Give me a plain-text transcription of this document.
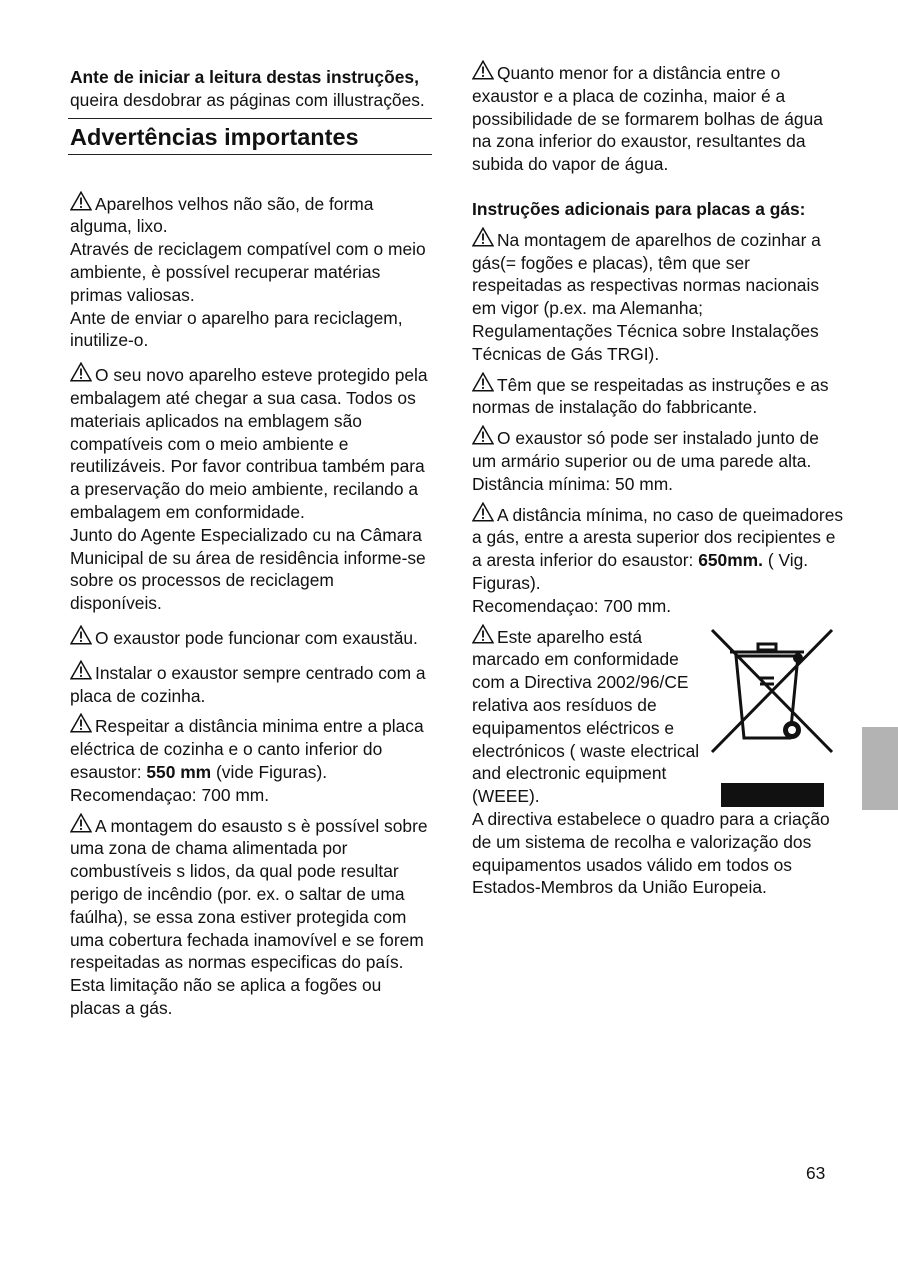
Ante de iniciar a leitura destas instruções, queira desdobrar as páginas com illustrações.

Advertências importantes

Aparelhos velhos não são, de forma alguma, lixo.

Através de reciclagem compatível com o meio ambiente, è possível recuperar matérias primas valiosas.

Ante de enviar o aparelho para reciclagem, inutilize-o.

O seu novo aparelho esteve protegido pela embalagem até chegar a sua casa. Todos os materiais aplicados na emblagem são compatíveis com o meio ambiente e reutilizáveis. Por favor contribua também para a preservação do meio ambiente, recilando a embalagem em conformidade.

Junto do Agente Especializado cu na Câmara Municipal de su área de residência informe-se sobre os processos de reciclagem disponíveis.

O exaustor pode funcionar com exaustău.

Instalar o exaustor sempre centrado com a placa de cozinha.

Respeitar a distância minima entre a placa eléctrica de cozinha e o canto inferior do esaustor: 550 mm (vide Figuras).

Recomendaçao: 700 mm.

A montagem do esausto s è possível sobre uma zona de chama alimentada por combustíveis s lidos, da qual pode resultar perigo de incêndio (por. ex. o saltar de uma faúlha), se essa zona estiver protegida com uma cobertura fechada inamovível e se forem respeitadas as normas especificas do país. Esta limitação não se aplica a fogões ou placas a gás.

Quanto menor for a distância entre o exaustor e a placa de cozinha, maior é a possibilidade de se formarem bolhas de água na zona inferior do exaustor, resultantes da subida do vapor de água.

Instruções adicionais para placas a gás:

Na montagem de aparelhos de cozinhar a gás(= fogões e placas), têm que ser respeitadas as respectivas normas nacionais em vigor (p.ex. ma Alemanha; Regulamentações Técnica sobre Instalações Técnicas de Gás TRGI).

Têm que se respeitadas as instruções e as normas de instalação do fabbricante.

O exaustor só pode ser instalado junto de um armário superior ou de uma parede alta. Distância mínima: 50 mm.

A distância mínima, no caso de queimadores a gás, entre a aresta superior dos recipientes e a aresta inferior do esaustor: 650mm. ( Vig. Figuras).

Recomendaçao: 700 mm.

Este aparelho está marcado em conformidade com a Directiva 2002/96/CE relativa aos resíduos de equipamentos eléctricos e electrónicos ( waste electrical and electronic equipment (WEEE).

A directiva estabelece o quadro para a criação de um sistema de recolha e valorização dos equipamentos usados válido em todos os Estados-Membros da União Europeia.

63
